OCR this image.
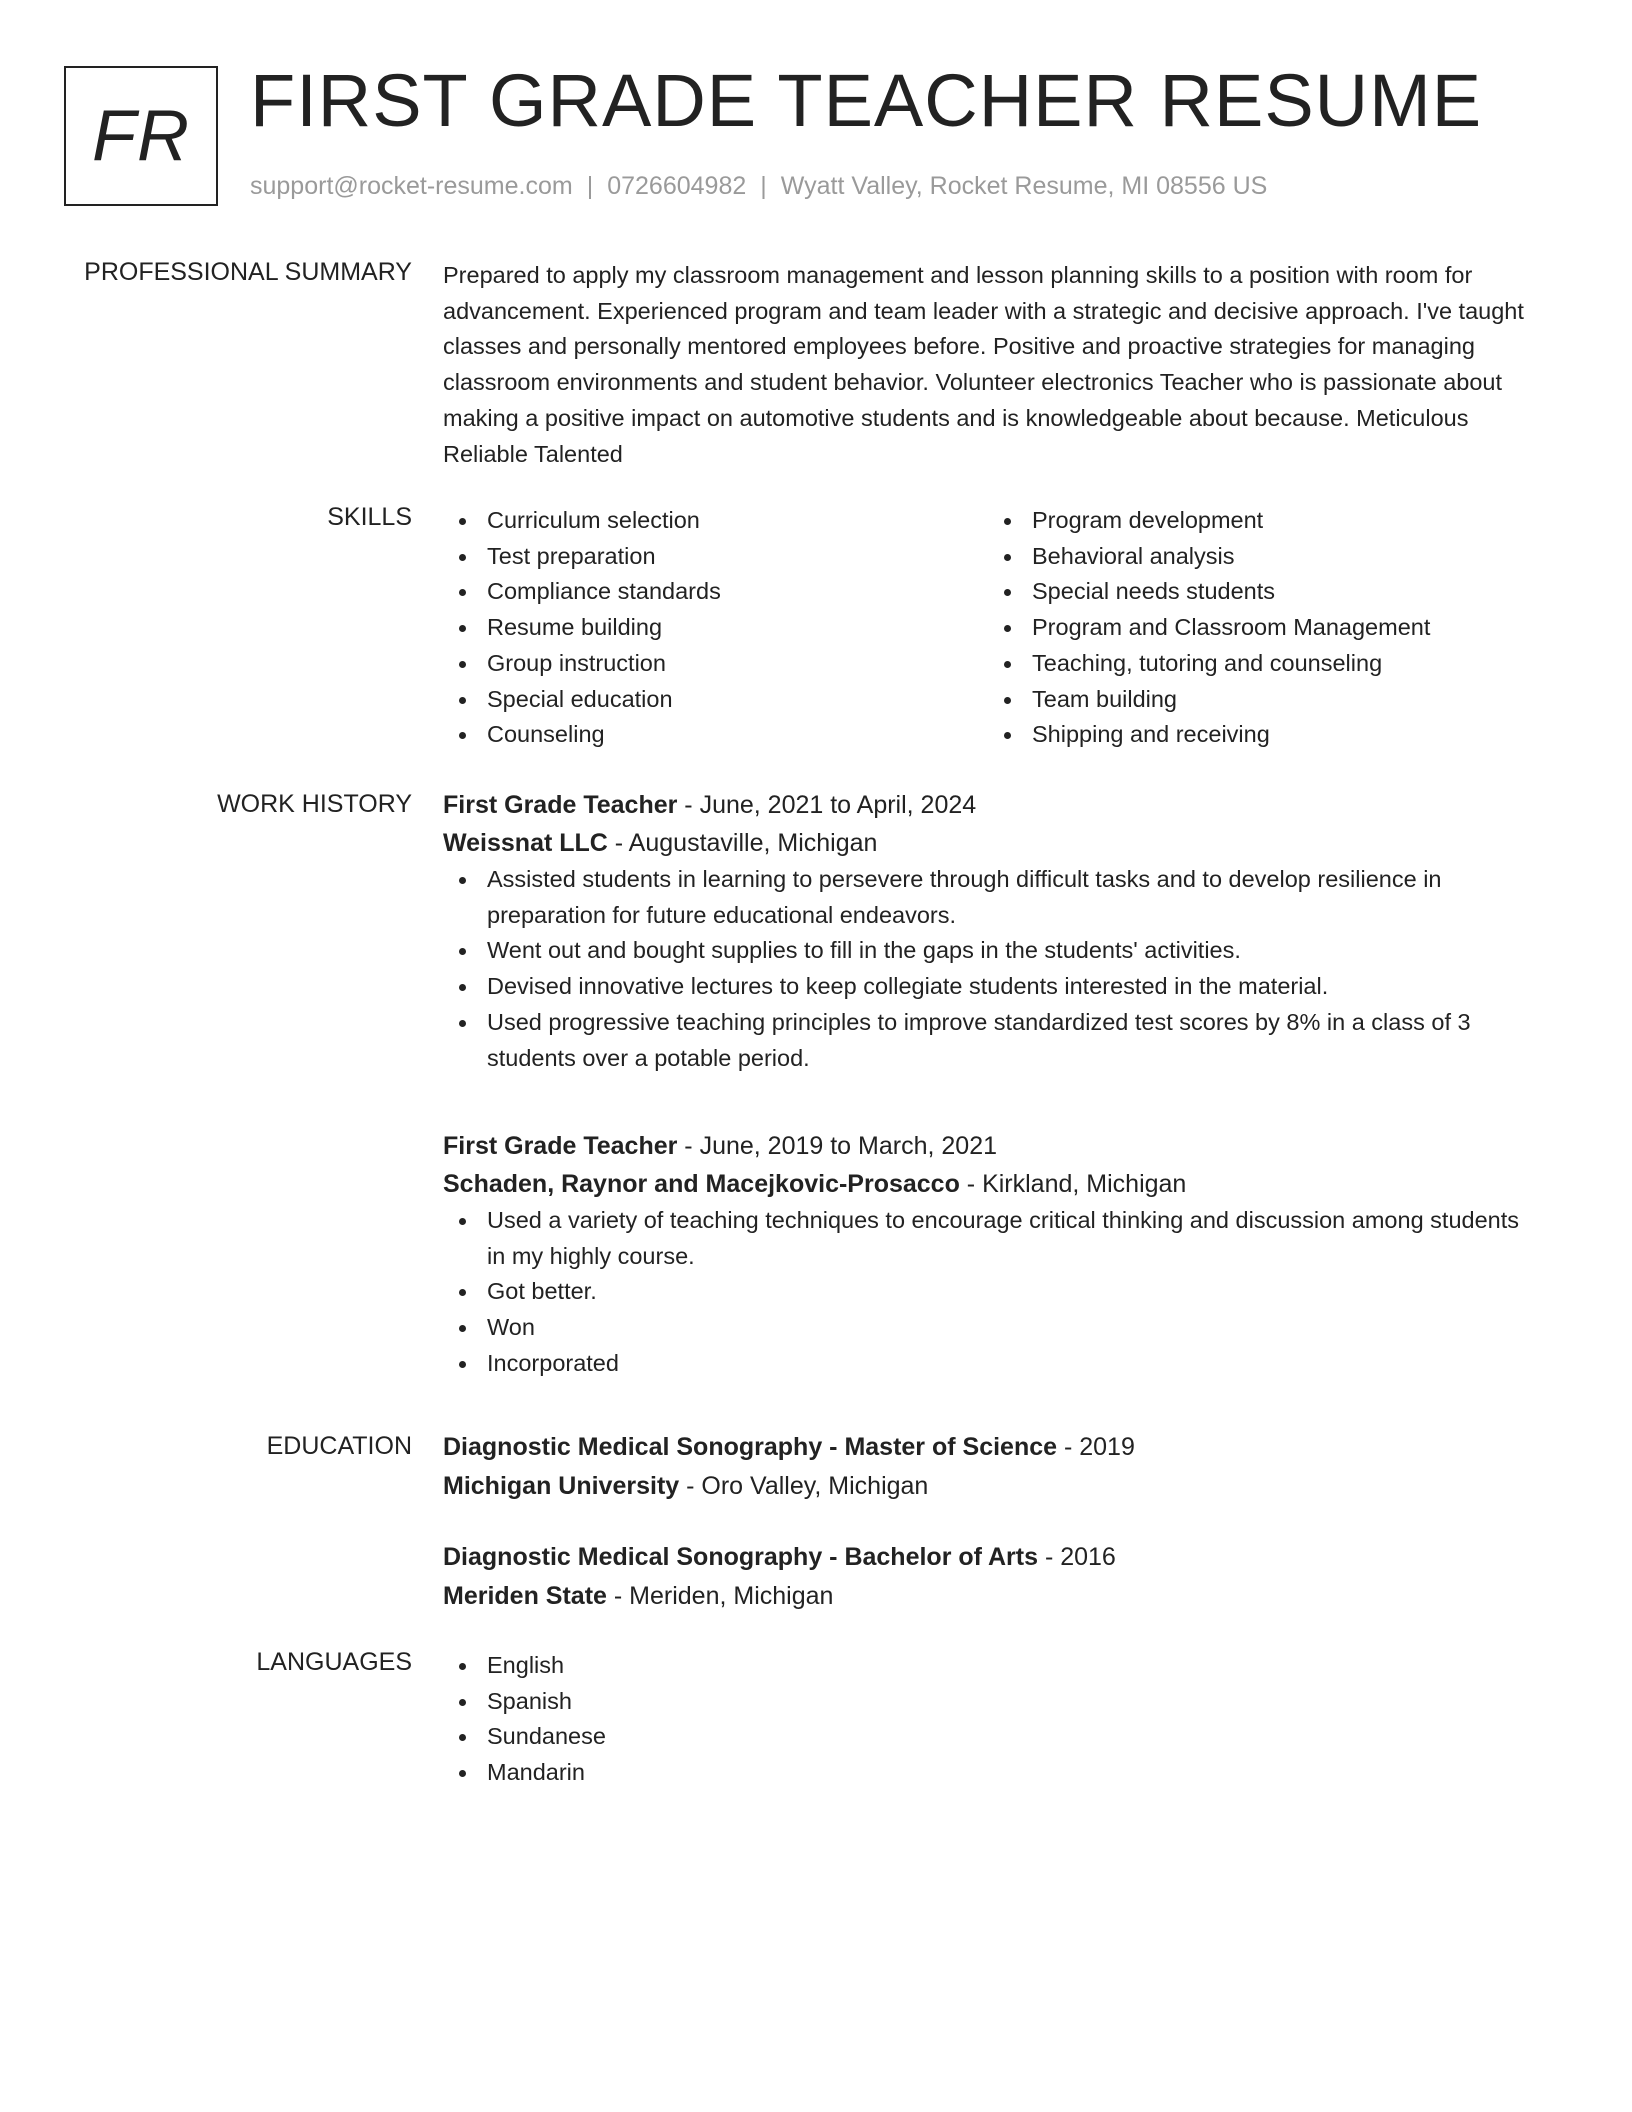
FR FIRST GRADE TEACHER RESUME
support@rocket-resume.com | 0726604982 | Wyatt Valley, Rocket Resume, MI 08556 US
PROFESSIONAL SUMMARY Prepared to apply my classroom management and lesson planning skills to a position with room for advancement. Experienced program and team leader with a strategic and decisive approach. I've taught classes and personally mentored employees before. Positive and proactive strategies for managing classroom environments and student behavior. Volunteer electronics Teacher who is passionate about making a positive impact on automotive students and is knowledgeable about because. Meticulous Reliable Talented

SKILLS	Curriculum selection
Test preparation
Compliance standards
Resume building
Group instruction
Special education
Counseling
Program development
Behavioral analysis
Special needs students
Program and Classroom Management
Teaching, tutoring and counseling
Team building
Shipping and receiving
WORK HISTORY First Grade Teacher - June, 2021 to April, 2024
Weissnat LLC - Augustaville, Michigan
Assisted students in learning to persevere through difficult tasks and to develop resilience in preparation for future educational endeavors.
Went out and bought supplies to fill in the gaps in the students' activities.
Devised innovative lectures to keep collegiate students interested in the material.
Used progressive teaching principles to improve standardized test scores by 8% in a class of 3 students over a potable period.
First Grade Teacher - June, 2019 to March, 2021
Schaden, Raynor and Macejkovic-Prosacco - Kirkland, Michigan
Used a variety of teaching techniques to encourage critical thinking and discussion among students in my highly course.
Got better.
Won
Incorporated
EDUCATION Diagnostic Medical Sonography - Master of Science - 2019
Michigan University - Oro Valley, Michigan
Diagnostic Medical Sonography - Bachelor of Arts - 2016
Meriden State - Meriden, Michigan
LANGUAGES	English
Spanish
Sundanese
Mandarin
